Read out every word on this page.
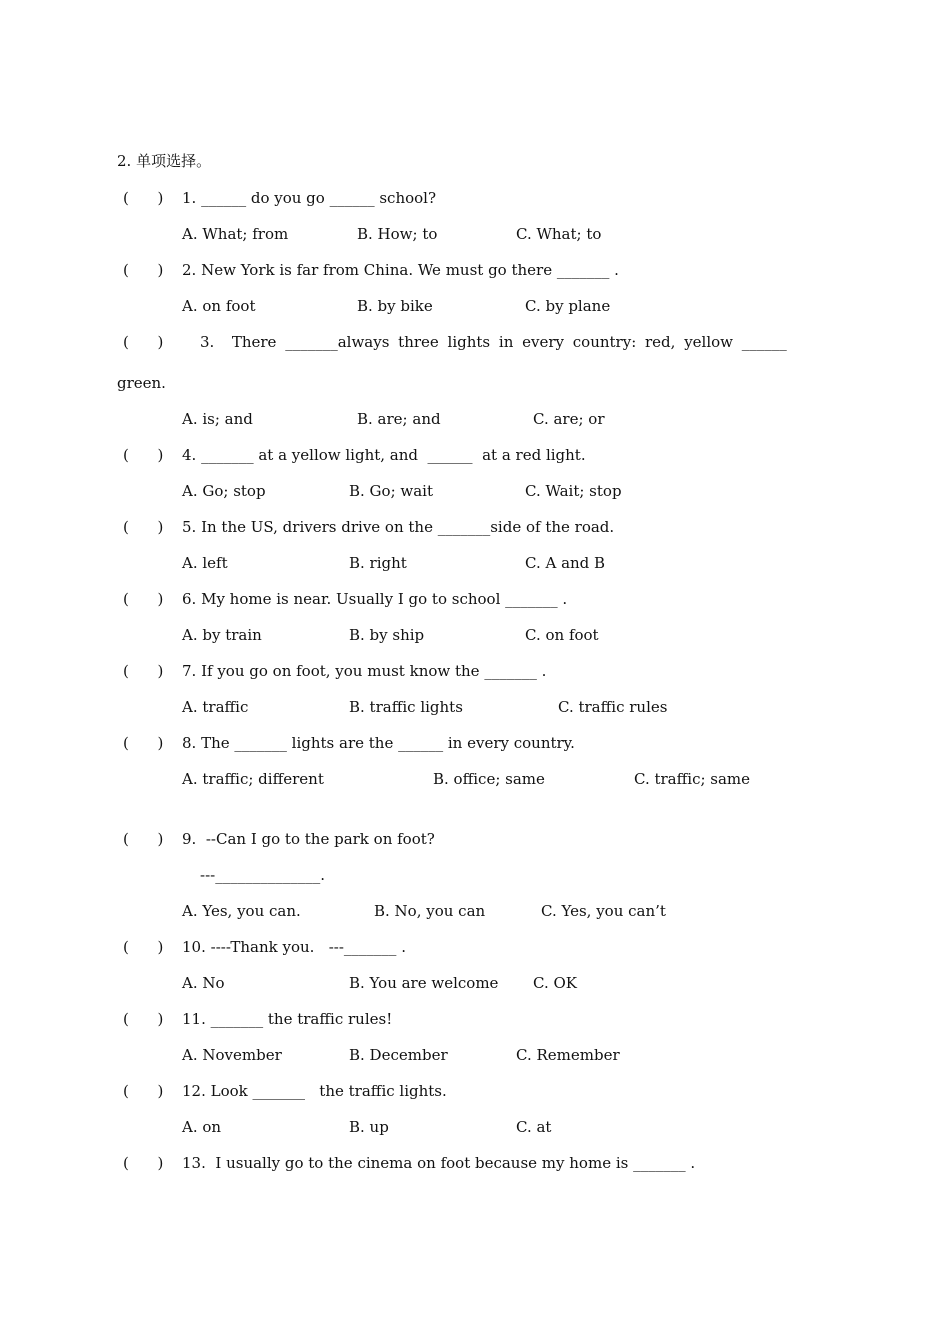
2. 单项选择。
(      ) 1. ______ do you go ______ school?
A. What; from	B. How; to	C. What; to
(      ) 2. New York is far from China. We must go there _______ .
A. on foot	B. by bike	C. by plane
(      ) 3.  There _______always three lights in every country: red, yellow ______
green.
A. is; and	B. are; and	C. are; or
(      ) 4. _______ at a yellow light, and  ______  at a red light.
A. Go; stop	B. Go; wait	C. Wait; stop
(      ) 5. In the US, drivers drive on the _______side of the road.
A. left	B. right	C. A and B
(      ) 6. My home is near. Usually I go to school _______ .
A. by train	B. by ship	C. on foot
(      ) 7. If you go on foot, you must know the _______ .
A. traffic	B. traffic lights	C. traffic rules
(      ) 8. The _______ lights are the ______ in every country.
A. traffic; different	B. office; same	C. traffic; same
(      ) 9.  --Can I go to the park on foot?
---______________.
A. Yes, you can.	B. No, you can	C. Yes, you can’t
(      ) 10. ----Thank you.   ---_______ .
A. No	B. You are welcome C. OK
(      ) 11. _______ the traffic rules!
A. November	B. December	C. Remember
(      ) 12. Look _______   the traffic lights.
A. on	B. up	C. at
(      ) 13.  I usually go to the cinema on foot because my home is _______ .
